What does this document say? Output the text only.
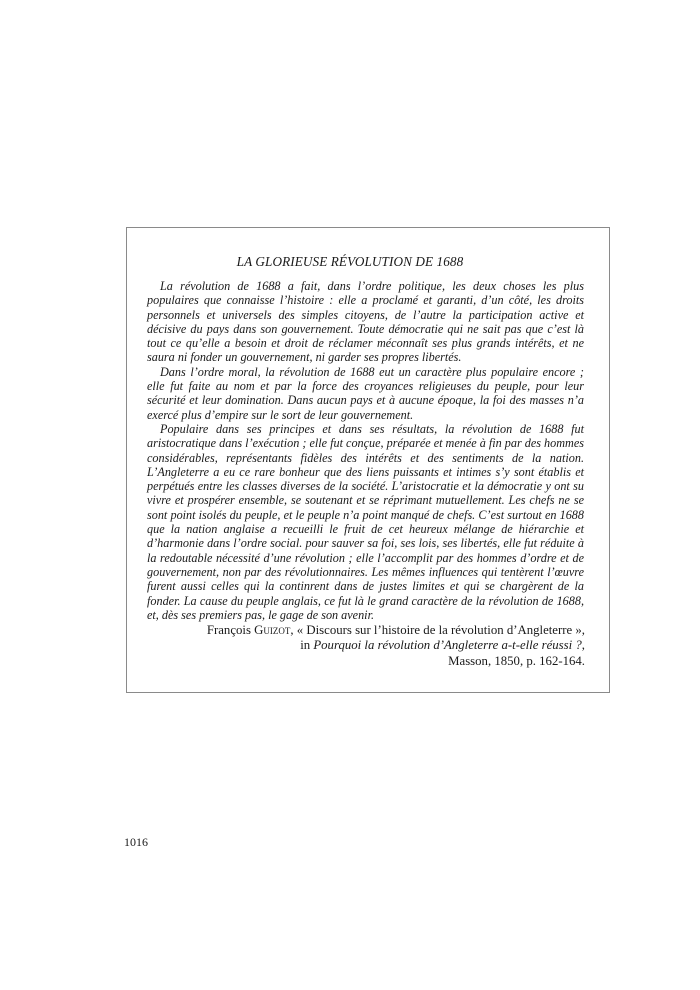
LA GLORIEUSE RÉVOLUTION DE 1688

La révolution de 1688 a fait, dans l’ordre politique, les deux choses les plus populaires que connaisse l’histoire : elle a proclamé et garanti, d’un côté, les droits personnels et universels des simples citoyens, de l’autre la participation active et décisive du pays dans son gouvernement. Toute démocratie qui ne sait pas que c’est là tout ce qu’elle a besoin et droit de réclamer méconnaît ses plus grands intérêts, et ne saura ni fonder un gouvernement, ni garder ses propres libertés.

Dans l’ordre moral, la révolution de 1688 eut un caractère plus populaire encore ; elle fut faite au nom et par la force des croyances religieuses du peuple, pour leur sécurité et leur domination. Dans aucun pays et à aucune époque, la foi des masses n’a exercé plus d’empire sur le sort de leur gouvernement.

Populaire dans ses principes et dans ses résultats, la révolution de 1688 fut aristocratique dans l’exécution ; elle fut conçue, préparée et menée à fin par des hommes considérables, représentants fidèles des intérêts et des sentiments de la nation. L’Angleterre a eu ce rare bonheur que des liens puissants et intimes s’y sont établis et perpétués entre les classes diverses de la société. L’aristocratie et la démocratie y ont su vivre et prospérer ensemble, se soutenant et se réprimant mutuellement. Les chefs ne se sont point isolés du peuple, et le peuple n’a point manqué de chefs. C’est surtout en 1688 que la nation anglaise a recueilli le fruit de cet heureux mélange de hiérarchie et d’harmonie dans l’ordre social. pour sauver sa foi, ses lois, ses libertés, elle fut réduite à la redoutable nécessité d’une révolution ; elle l’accomplit par des hommes d’ordre et de gouvernement, non par des révolutionnaires. Les mêmes influences qui tentèrent l’œuvre furent aussi celles qui la continrent dans de justes limites et qui se chargèrent de la fonder. La cause du peuple anglais, ce fut là le grand caractère de la révolution de 1688, et, dès ses premiers pas, le gage de son avenir.

François Guizot, « Discours sur l’histoire de la révolution d’Angleterre »,
in Pourquoi la révolution d’Angleterre a-t-elle réussi ?,
Masson, 1850, p. 162-164.
1016
